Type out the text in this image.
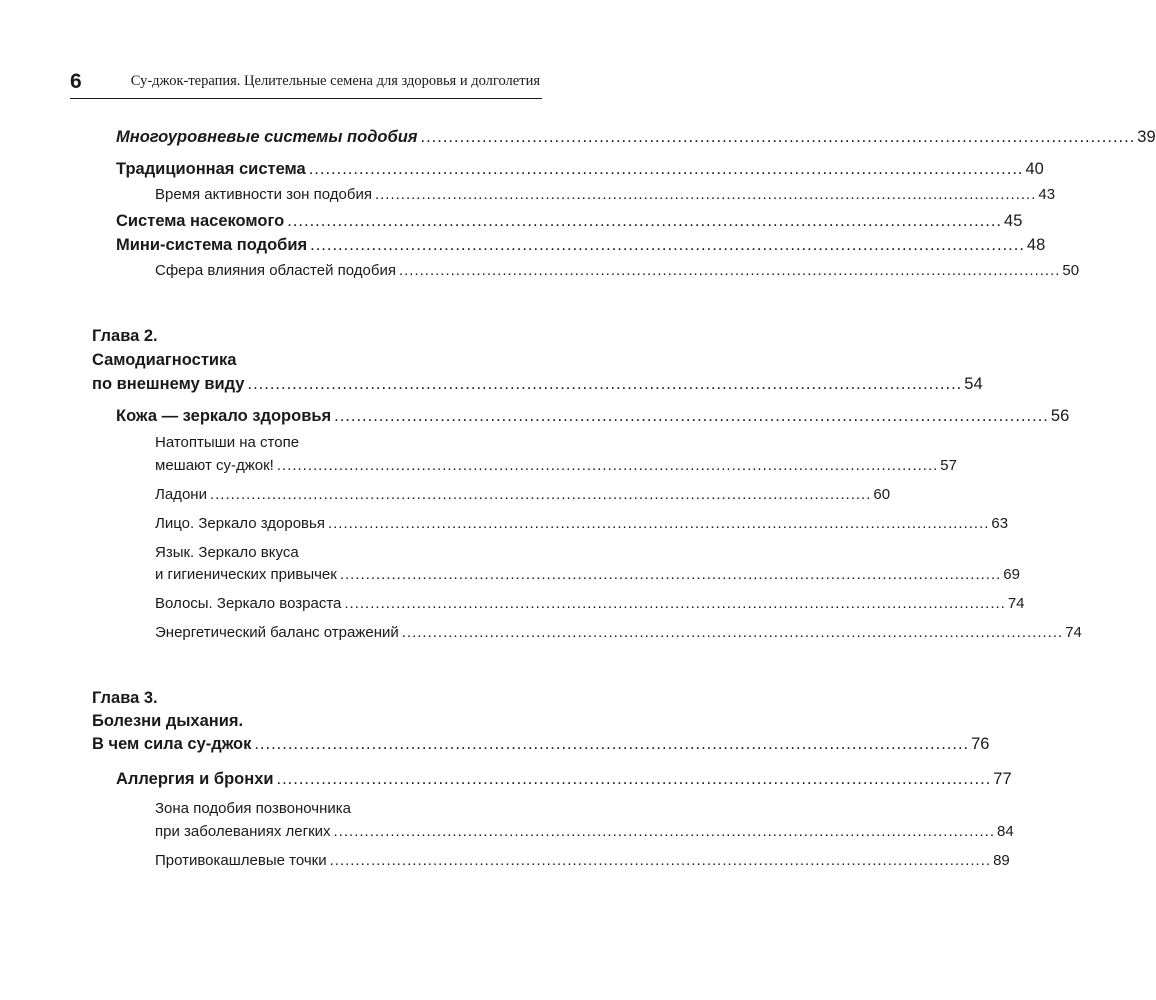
6	Су-джок-терапия. Целительные семена для здоровья и долголетия
Многоуровневые системы подобия ................................................................................................................................ 39
Традиционная система ................................................................................................................................ 40
Время активности зон подобия ................................................................................................................................ 43
Система насекомого ................................................................................................................................ 45
Мини-система подобия ................................................................................................................................ 48
Сфера влияния областей подобия ................................................................................................................................ 50
Глава 2.
Самодиагностика
по внешнему виду ................................................................................................................................ 54
Кожа — зеркало здоровья ................................................................................................................................ 56
Натоптыши на стопе
мешают су-джок! ................................................................................................................................ 57
Ладони ................................................................................................................................ 60
Лицо. Зеркало здоровья ................................................................................................................................ 63
Язык. Зеркало вкуса
и гигиенических привычек ................................................................................................................................ 69
Волосы. Зеркало возраста ................................................................................................................................ 74
Энергетический баланс отражений ................................................................................................................................ 74
Глава 3.
Болезни дыхания.
В чем сила су-джок ................................................................................................................................ 76
Аллергия и бронхи ................................................................................................................................ 77
Зона подобия позвоночника
при заболеваниях легких ................................................................................................................................ 84
Противокашлевые точки ................................................................................................................................ 89
